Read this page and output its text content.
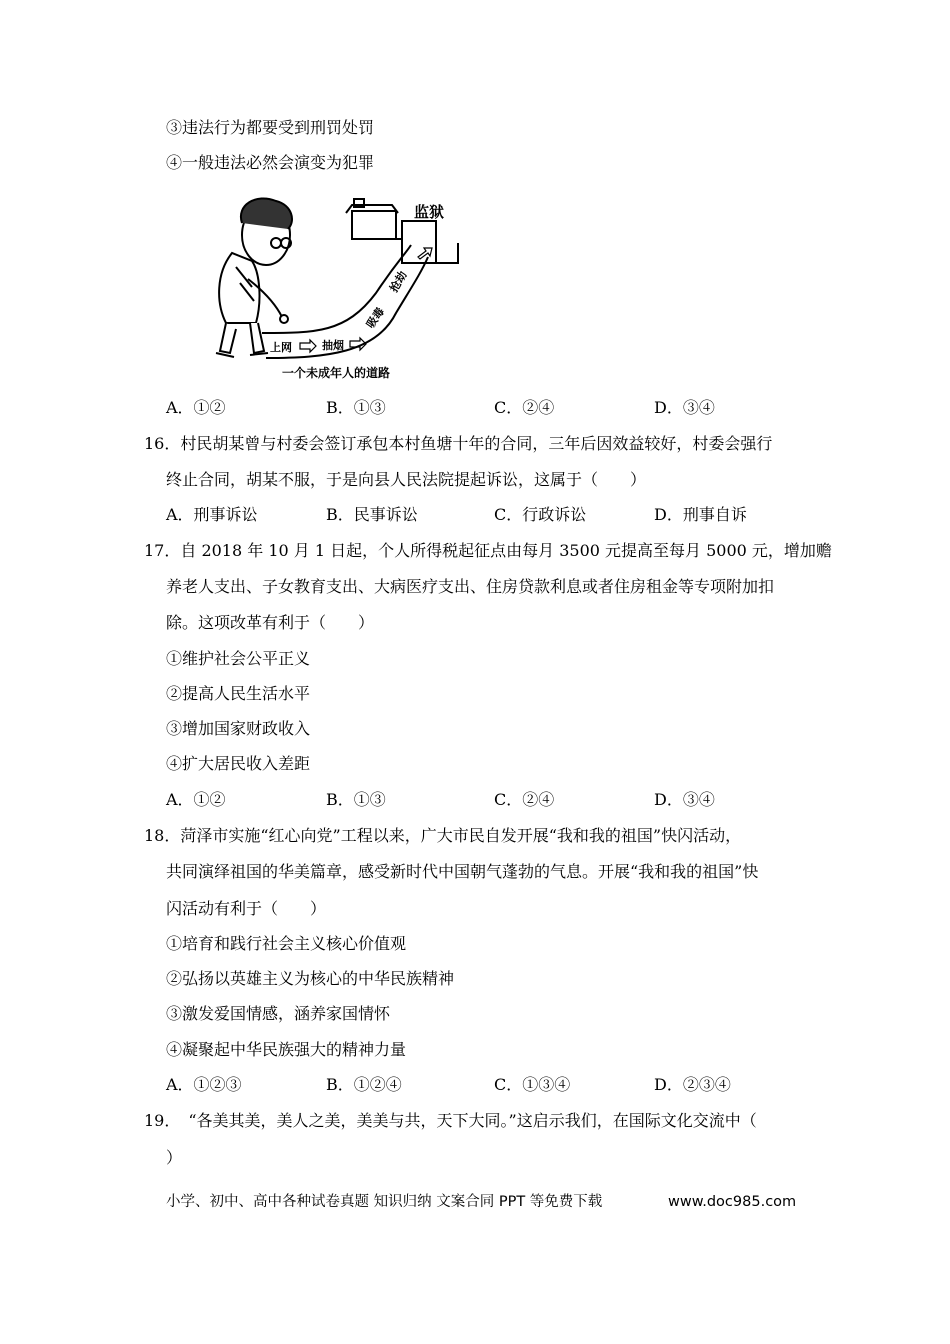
③违法行为都要受到刑罚处罚
④一般违法必然会演变为犯罪
监狱
上网	抽烟
吸毒
抢劫
一个未成年人的道路
A．①②	B．①③	C．②④	D．③④
16．村民胡某曾与村委会签订承包本村鱼塘十年的合同，三年后因效益较好，村委会强行
终止合同，胡某不服，于是向县人民法院提起诉讼，这属于（　　）
A．刑事诉讼	B．民事诉讼	C．行政诉讼	D．刑事自诉
17．自 2018 年 10 月 1 日起，个人所得税起征点由每月 3500 元提高至每月 5000 元，增加赡
养老人支出、子女教育支出、大病医疗支出、住房贷款利息或者住房租金等专项附加扣
除。这项改革有利于（　　）
①维护社会公平正义
②提高人民生活水平
③增加国家财政收入
④扩大居民收入差距
A．①②	B．①③	C．②④	D．③④
18．菏泽市实施“红心向党”工程以来，广大市民自发开展“我和我的祖国”快闪活动，
共同演绎祖国的华美篇章，感受新时代中国朝气蓬勃的气息。开展“我和我的祖国”快
闪活动有利于（　　）
①培育和践行社会主义核心价值观
②弘扬以英雄主义为核心的中华民族精神
③激发爱国情感，涵养家国情怀
④凝聚起中华民族强大的精神力量
A．①②③	B．①②④	C．①③④	D．②③④
19．　“各美其美，美人之美，美美与共，天下大同。”这启示我们，在国际文化交流中（
）
小学、初中、高中各种试卷真题 知识归纳 文案合同 PPT 等免费下载	www.doc985.com
